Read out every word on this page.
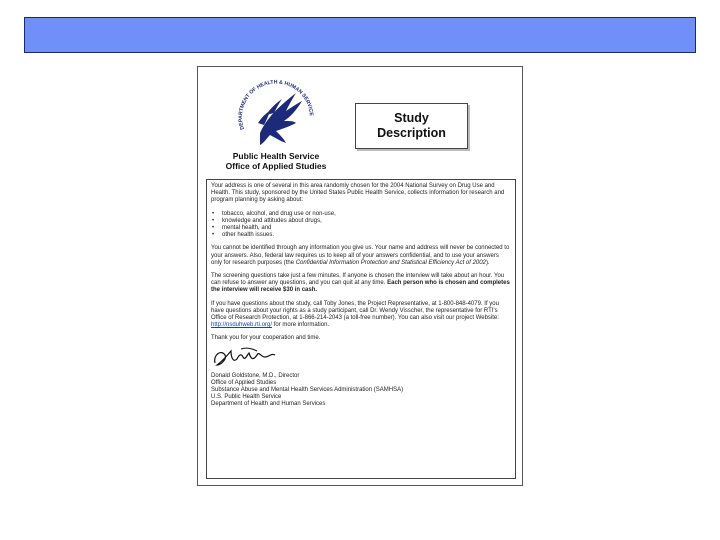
DEPARTMENT OF HEALTH & HUMAN SERVICE
Public Health Service
Office of Applied Studies
Study
Description

Your address is one of several in this area randomly chosen for the 2004 National Survey on Drug Use and Health. This study, sponsored by the United States Public Health Service, collects information for research and program planning by asking about:

• tobacco, alcohol, and drug use or non-use,
• knowledge and attitudes about drugs,
• mental health, and
• other health issues.

You cannot be identified through any information you give us. Your name and address will never be connected to your answers. Also, federal law requires us to keep all of your answers confidential, and to use your answers only for research purposes (the Confidential Information Protection and Statistical Efficiency Act of 2002).

The screening questions take just a few minutes. If anyone is chosen the interview will take about an hour. You can refuse to answer any questions, and you can quit at any time. Each person who is chosen and completes the interview will receive $30 in cash.

If you have questions about the study, call Toby Jones, the Project Representative, at 1-800-848-4079. If you have questions about your rights as a study participant, call Dr. Wendy Visscher, the representative for RTI's Office of Research Protection, at 1-866-214-2043 (a toll-free number). You can also visit our project Website: http://nsduhweb.rti.org/ for more information.

Thank you for your cooperation and time.

Donald Goldstone, M.D., Director
Office of Applied Studies
Substance Abuse and Mental Health Services Administration (SAMHSA)
U.S. Public Health Service
Department of Health and Human Services
